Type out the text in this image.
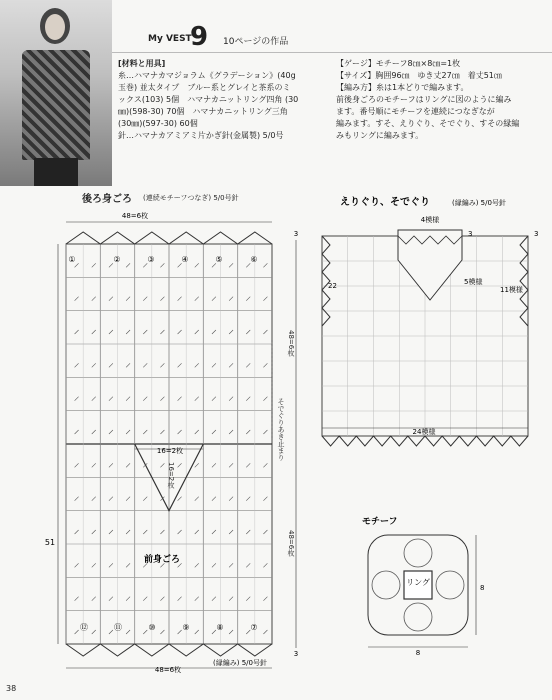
My VEST
9 10ページの作品
[材料と用具]
糸…ハマナカマジョラム《グラデーション》(40g
玉巻) 並太タイプ　ブルー系とグレイと茶系のミ
ックス(103) 5個　ハマナカニットリング四角 (30
㎜)(598-30) 70個　ハマナカニットリング三角
(30㎜)(597-30) 60個
針…ハマナカアミアミ片かぎ針(金属製) 5/0号
【ゲージ】モチーフ8㎝×8㎝=1枚
【サイズ】胸囲96㎝　ゆき丈27㎝　着丈51㎝
【編み方】糸は1本どりで編みます。
前後身ごろのモチーフはリングに図のように編み
ます。番号順にモチーフを連続につなぎなが
編みます。すそ、えりぐり、そでぐり、すその縁編
みもリングに編みます。
後ろ身ごろ (連続モチーフつなぎ) 5/0号針
48=6枚
①	②	③	④	⑤	⑥
⑫	⑪	⑩	⑨	⑧	⑦
16=2枚
前身ごろ
51
3
3
48=6枚
(縁編み) 5/0号針
えりぐり、そでぐり	(縁編み) 5/0号針
4模様
3	3
22	5模様
11模様
24模様
モチーフ
リング
8
8
48=6枚
そでぐりあき止まり
16=2枚
48=6枚
38
